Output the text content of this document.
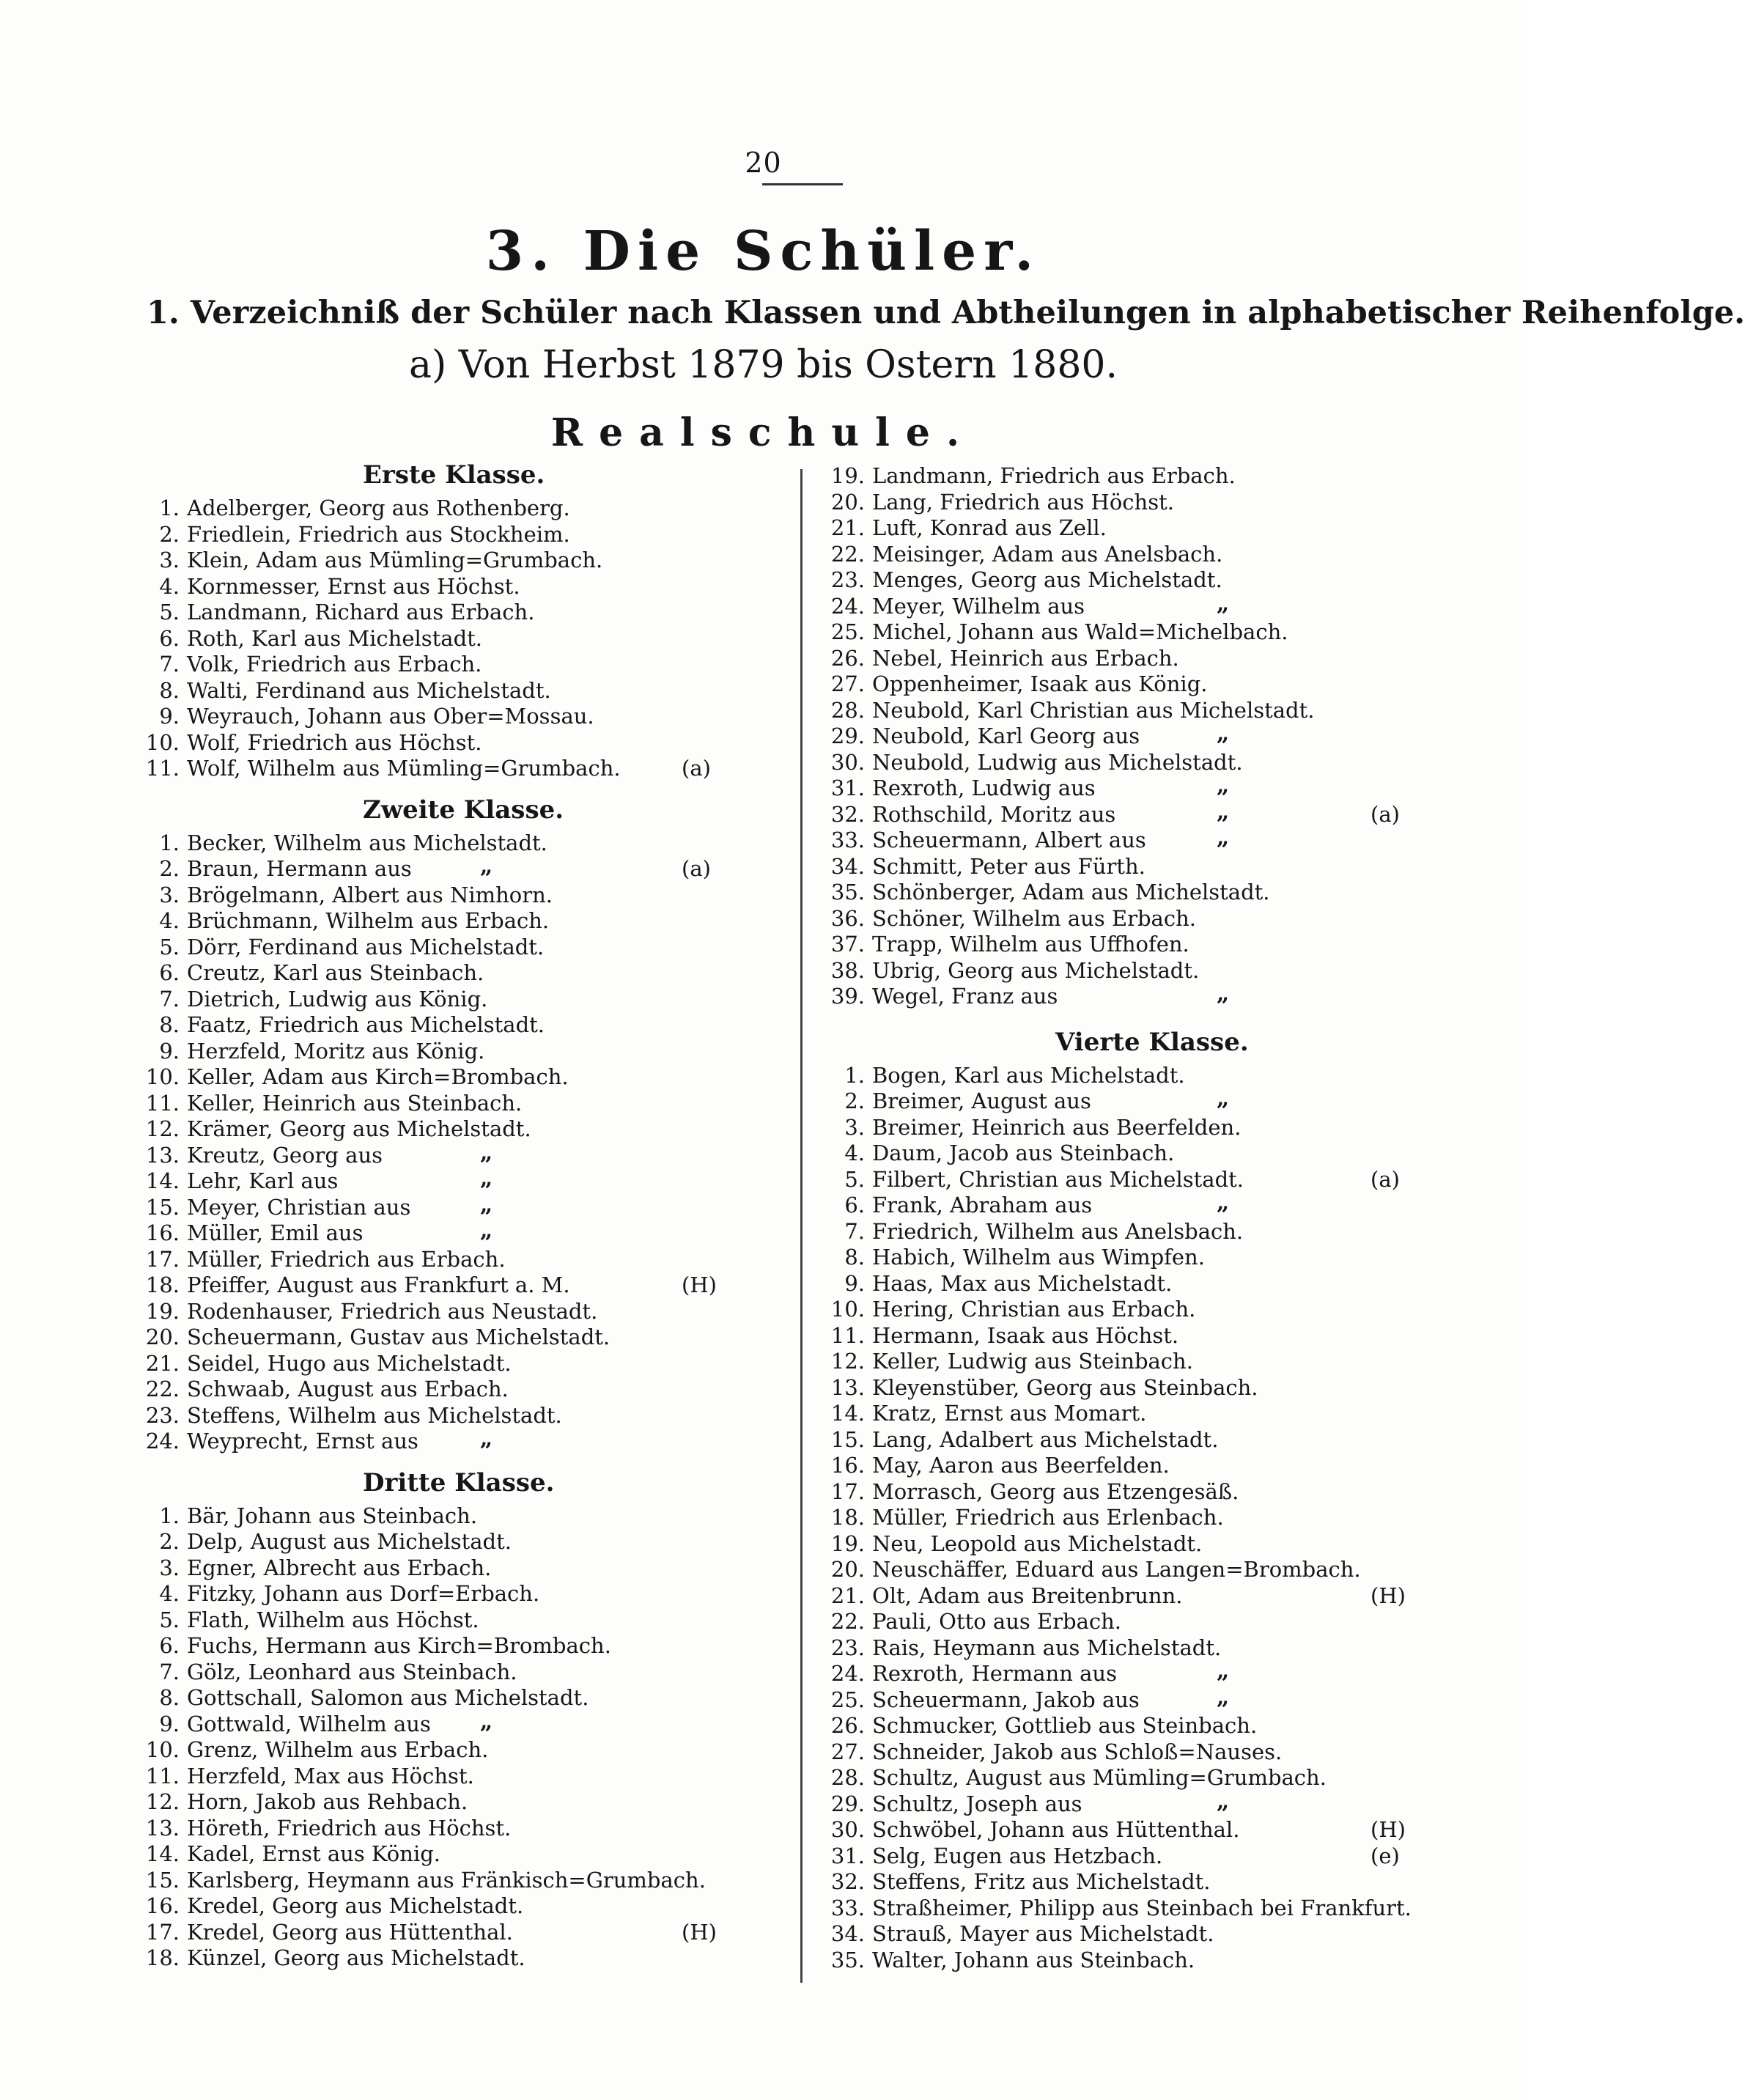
20
3. Die Schüler.
1. Verzeichniß der Schüler nach Klassen und Abtheilungen in alphabetischer Reihenfolge.
a) Von Herbst 1879 bis Ostern 1880.
Realschule.
Erste Klasse.
1. Adelberger, Georg aus Rothenberg.
2. Friedlein, Friedrich aus Stockheim.
3. Klein, Adam aus Mümling=Grumbach.
4. Kornmesser, Ernst aus Höchst.
5. Landmann, Richard aus Erbach.
6. Roth, Karl aus Michelstadt.
7. Volk, Friedrich aus Erbach.
8. Walti, Ferdinand aus Michelstadt.
9. Weyrauch, Johann aus Ober=Mossau.
10. Wolf, Friedrich aus Höchst.
11. Wolf, Wilhelm aus Mümling=Grumbach.	(a)
Zweite Klasse.
1. Becker, Wilhelm aus Michelstadt.
2. Braun, Hermann aus	„	(a)
3. Brögelmann, Albert aus Nimhorn.
4. Brüchmann, Wilhelm aus Erbach.
5. Dörr, Ferdinand aus Michelstadt.
6. Creutz, Karl aus Steinbach.
7. Dietrich, Ludwig aus König.
8. Faatz, Friedrich aus Michelstadt.
9. Herzfeld, Moritz aus König.
10. Keller, Adam aus Kirch=Brombach.
11. Keller, Heinrich aus Steinbach.
12. Krämer, Georg aus Michelstadt.
13. Kreutz, Georg aus	„
14. Lehr, Karl aus	„
15. Meyer, Christian aus	„
16. Müller, Emil aus	„
17. Müller, Friedrich aus Erbach.
18. Pfeiffer, August aus Frankfurt a. M.	(H)
19. Rodenhauser, Friedrich aus Neustadt.
20. Scheuermann, Gustav aus Michelstadt.
21. Seidel, Hugo aus Michelstadt.
22. Schwaab, August aus Erbach.
23. Steffens, Wilhelm aus Michelstadt.
24. Weyprecht, Ernst aus	„
Dritte Klasse.
1. Bär, Johann aus Steinbach.
2. Delp, August aus Michelstadt.
3. Egner, Albrecht aus Erbach.
4. Fitzky, Johann aus Dorf=Erbach.
5. Flath, Wilhelm aus Höchst.
6. Fuchs, Hermann aus Kirch=Brombach.
7. Gölz, Leonhard aus Steinbach.
8. Gottschall, Salomon aus Michelstadt.
9. Gottwald, Wilhelm aus „
10. Grenz, Wilhelm aus Erbach.
11. Herzfeld, Max aus Höchst.
12. Horn, Jakob aus Rehbach.
13. Höreth, Friedrich aus Höchst.
14. Kadel, Ernst aus König.
15. Karlsberg, Heymann aus Fränkisch=Grumbach.
16. Kredel, Georg aus Michelstadt.
17. Kredel, Georg aus Hüttenthal.	(H)
18. Künzel, Georg aus Michelstadt.
19. Landmann, Friedrich aus Erbach.
20. Lang, Friedrich aus Höchst.
21. Luft, Konrad aus Zell.
22. Meisinger, Adam aus Anelsbach.
23. Menges, Georg aus Michelstadt.
24. Meyer, Wilhelm aus	„
25. Michel, Johann aus Wald=Michelbach.
26. Nebel, Heinrich aus Erbach.
27. Oppenheimer, Isaak aus König.
28. Neubold, Karl Christian aus Michelstadt.
29. Neubold, Karl Georg aus	„
30. Neubold, Ludwig aus Michelstadt.
31. Rexroth, Ludwig aus	„
32. Rothschild, Moritz aus	„	(a)
33. Scheuermann, Albert aus	„
34. Schmitt, Peter aus Fürth.
35. Schönberger, Adam aus Michelstadt.
36. Schöner, Wilhelm aus Erbach.
37. Trapp, Wilhelm aus Uffhofen.
38. Ubrig, Georg aus Michelstadt.
39. Wegel, Franz aus	„
Vierte Klasse.
1. Bogen, Karl aus Michelstadt.
2. Breimer, August aus	„
3. Breimer, Heinrich aus Beerfelden.
4. Daum, Jacob aus Steinbach.
5. Filbert, Christian aus Michelstadt.	(a)
6. Frank, Abraham aus	„
7. Friedrich, Wilhelm aus Anelsbach.
8. Habich, Wilhelm aus Wimpfen.
9. Haas, Max aus Michelstadt.
10. Hering, Christian aus Erbach.
11. Hermann, Isaak aus Höchst.
12. Keller, Ludwig aus Steinbach.
13. Kleyenstüber, Georg aus Steinbach.
14. Kratz, Ernst aus Momart.
15. Lang, Adalbert aus Michelstadt.
16. May, Aaron aus Beerfelden.
17. Morrasch, Georg aus Etzengesäß.
18. Müller, Friedrich aus Erlenbach.
19. Neu, Leopold aus Michelstadt.
20. Neuschäffer, Eduard aus Langen=Brombach.
21. Olt, Adam aus Breitenbrunn.	(H)
22. Pauli, Otto aus Erbach.
23. Rais, Heymann aus Michelstadt.
24. Rexroth, Hermann aus	„
25. Scheuermann, Jakob aus	„
26. Schmucker, Gottlieb aus Steinbach.
27. Schneider, Jakob aus Schloß=Nauses.
28. Schultz, August aus Mümling=Grumbach.
29. Schultz, Joseph aus	„
30. Schwöbel, Johann aus Hüttenthal.	(H)
31. Selg, Eugen aus Hetzbach.	(e)
32. Steffens, Fritz aus Michelstadt.
33. Straßheimer, Philipp aus Steinbach bei Frankfurt.
34. Strauß, Mayer aus Michelstadt.
35. Walter, Johann aus Steinbach.
